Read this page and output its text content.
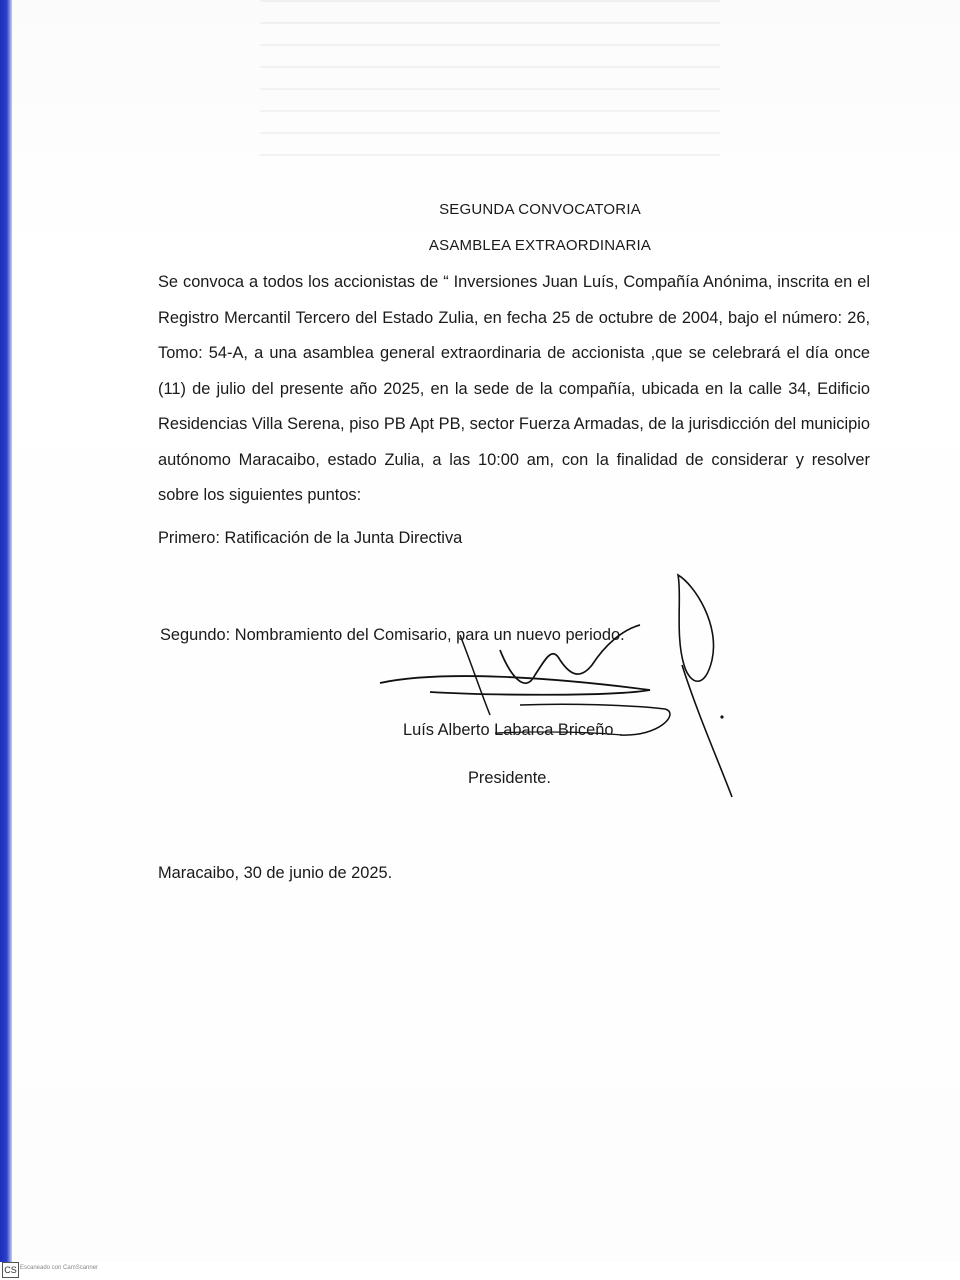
SEGUNDA CONVOCATORIA
ASAMBLEA EXTRAORDINARIA
Se convoca a todos los accionistas de “ Inversiones Juan Luís, Compañía Anónima, inscrita en el Registro Mercantil Tercero del Estado Zulia, en fecha 25 de octubre de 2004, bajo el número: 26, Tomo: 54-A, a una asamblea general extraordinaria de accionista ,que se celebrará el día once (11) de julio del presente año 2025, en la sede de la compañía, ubicada en la calle 34, Edificio Residencias Villa Serena, piso PB Apt PB, sector Fuerza Armadas, de la jurisdicción del municipio autónomo Maracaibo, estado Zulia, a las 10:00 am, con la finalidad de considerar y resolver sobre los siguientes puntos:
Primero: Ratificación de la Junta Directiva
Segundo: Nombramiento del Comisario, para un nuevo periodo.
Luís Alberto Labarca Briceño
Presidente.
Maracaibo, 30 de junio de 2025.
CS Escaneado con CamScanner
